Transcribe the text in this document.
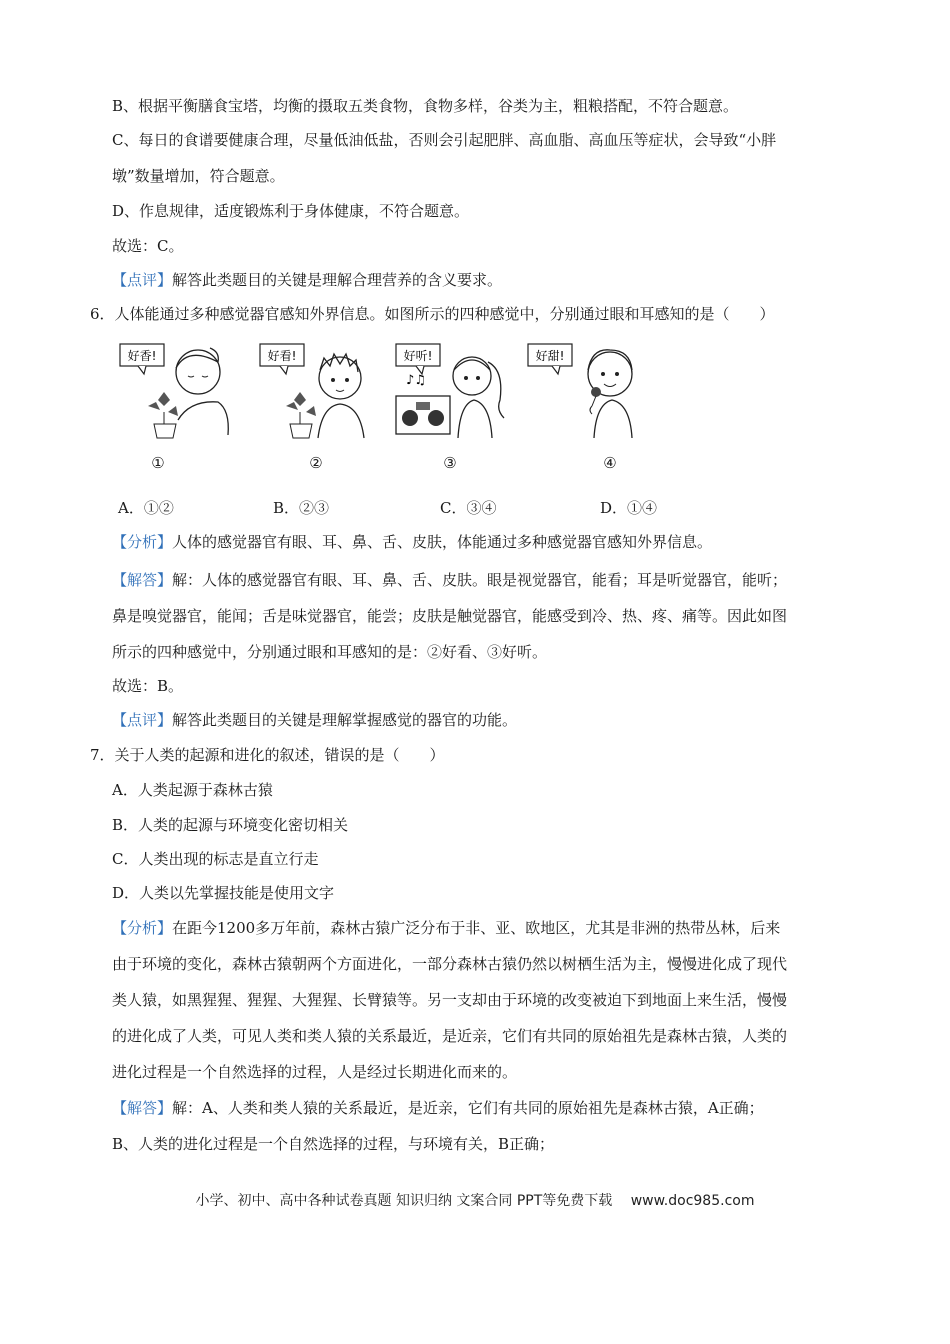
B、根据平衡膳食宝塔，均衡的摄取五类食物，食物多样，谷类为主，粗粮搭配，不符合题意。
C、每日的食谱要健康合理，尽量低油低盐，否则会引起肥胖、高血脂、高血压等症状，会导致“小胖
墩”数量增加，符合题意。
D、作息规律，适度锻炼利于身体健康，不符合题意。
故选：C。
【点评】解答此类题目的关键是理解合理营养的含义要求。
6．人体能通过多种感觉器官感知外界信息。如图所示的四种感觉中，分别通过眼和耳感知的是（　　）
好香!
①
好看!
②
好听!
♪♫
③
好甜!
④
A．①②	B．②③	C．③④	D．①④
【分析】人体的感觉器官有眼、耳、鼻、舌、皮肤，体能通过多种感觉器官感知外界信息。
【解答】解：人体的感觉器官有眼、耳、鼻、舌、皮肤。眼是视觉器官，能看；耳是听觉器官，能听；
鼻是嗅觉器官，能闻；舌是味觉器官，能尝；皮肤是触觉器官，能感受到冷、热、疼、痛等。因此如图
所示的四种感觉中，分别通过眼和耳感知的是：②好看、③好听。
故选：B。
【点评】解答此类题目的关键是理解掌握感觉的器官的功能。
7．关于人类的起源和进化的叙述，错误的是（　　）
A．人类起源于森林古猿
B．人类的起源与环境变化密切相关
C．人类出现的标志是直立行走
D．人类以先掌握技能是使用文字
【分析】在距今1200多万年前，森林古猿广泛分布于非、亚、欧地区，尤其是非洲的热带丛林，后来
由于环境的变化，森林古猿朝两个方面进化，一部分森林古猿仍然以树栖生活为主，慢慢进化成了现代
类人猿，如黑猩猩、猩猩、大猩猩、长臂猿等。另一支却由于环境的改变被迫下到地面上来生活，慢慢
的进化成了人类，可见人类和类人猿的关系最近，是近亲，它们有共同的原始祖先是森林古猿，人类的
进化过程是一个自然选择的过程，人是经过长期进化而来的。
【解答】解：A、人类和类人猿的关系最近，是近亲，它们有共同的原始祖先是森林古猿，A正确；
B、人类的进化过程是一个自然选择的过程，与环境有关，B正确；
小学、初中、高中各种试卷真题 知识归纳 文案合同 PPT等免费下载　 www.doc985.com
